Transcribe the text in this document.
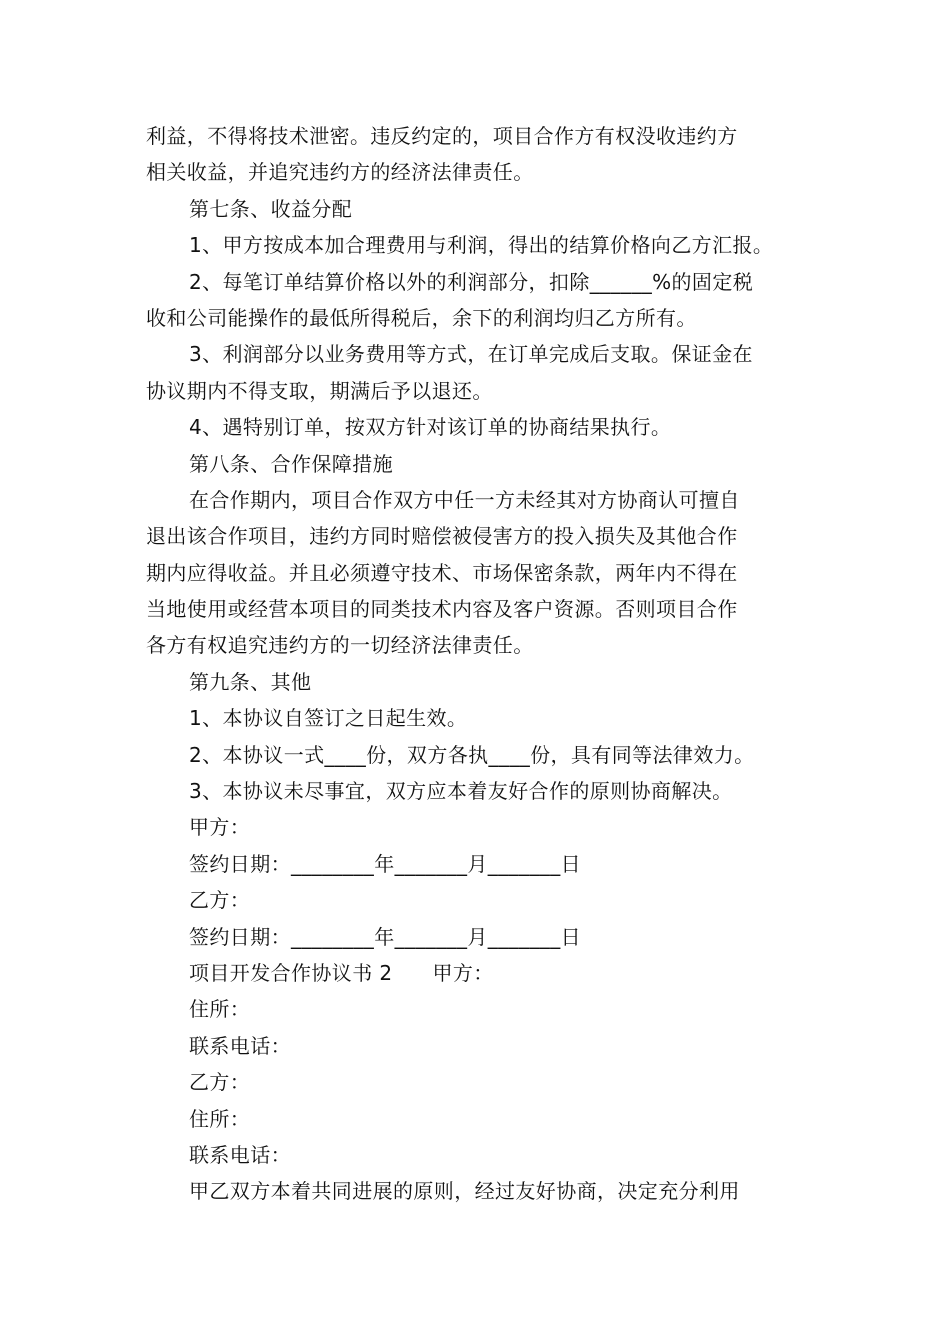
利益，不得将技术泄密。违反约定的，项目合作方有权没收违约方
相关收益，并追究违约方的经济法律责任。
第七条、收益分配
1、甲方按成本加合理费用与利润，得出的结算价格向乙方汇报。
2、每笔订单结算价格以外的利润部分，扣除______%的固定税
收和公司能操作的最低所得税后，余下的利润均归乙方所有。
3、利润部分以业务费用等方式，在订单完成后支取。保证金在
协议期内不得支取，期满后予以退还。
4、遇特别订单，按双方针对该订单的协商结果执行。
第八条、合作保障措施
在合作期内，项目合作双方中任一方未经其对方协商认可擅自
退出该合作项目，违约方同时赔偿被侵害方的投入损失及其他合作
期内应得收益。并且必须遵守技术、市场保密条款，两年内不得在
当地使用或经营本项目的同类技术内容及客户资源。否则项目合作
各方有权追究违约方的一切经济法律责任。
第九条、其他
1、本协议自签订之日起生效。
2、本协议一式____份，双方各执____份，具有同等法律效力。
3、本协议未尽事宜，双方应本着友好合作的原则协商解决。
甲方：
签约日期：________年_______月_______日
乙方：
签约日期：________年_______月_______日
项目开发合作协议书 2 甲方：
住所：
联系电话：
乙方：
住所：
联系电话：
甲乙双方本着共同进展的原则，经过友好协商，决定充分利用
